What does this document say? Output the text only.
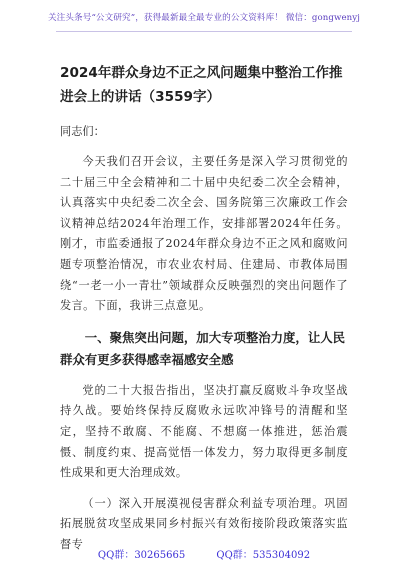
关注头条号“公文研究”，获得最新最全最专业的公文资料库！ 微信：gongwenyj

2024年群众身边不正之风问题集中整治工作推进会上的讲话（3559字）

同志们：

今天我们召开会议，主要任务是深入学习贯彻党的二十届三中全会精神和二十届中央纪委二次全会精神，认真落实中央纪委二次全会、国务院第三次廉政工作会议精神总结2024年治理工作，安排部署2024年任务。刚才，市监委通报了2024年群众身边不正之风和腐败问题专项整治情况，市农业农村局、住建局、市教体局围绕“一老一小一青壮”领域群众反映强烈的突出问题作了发言。下面，我讲三点意见。

一、聚焦突出问题，加大专项整治力度，让人民群众有更多获得感幸福感安全感

党的二十大报告指出，坚决打赢反腐败斗争攻坚战持久战。要始终保持反腐败永远吹冲锋号的清醒和坚定，坚持不敢腐、不能腐、不想腐一体推进，惩治震慑、制度约束、提高觉悟一体发力，努力取得更多制度性成果和更大治理成效。

（一）深入开展漠视侵害群众利益专项治理。巩固拓展脱贫攻坚成果同乡村振兴有效衔接阶段政策落实监督专

QQ群：30265665	QQ群：535304092
